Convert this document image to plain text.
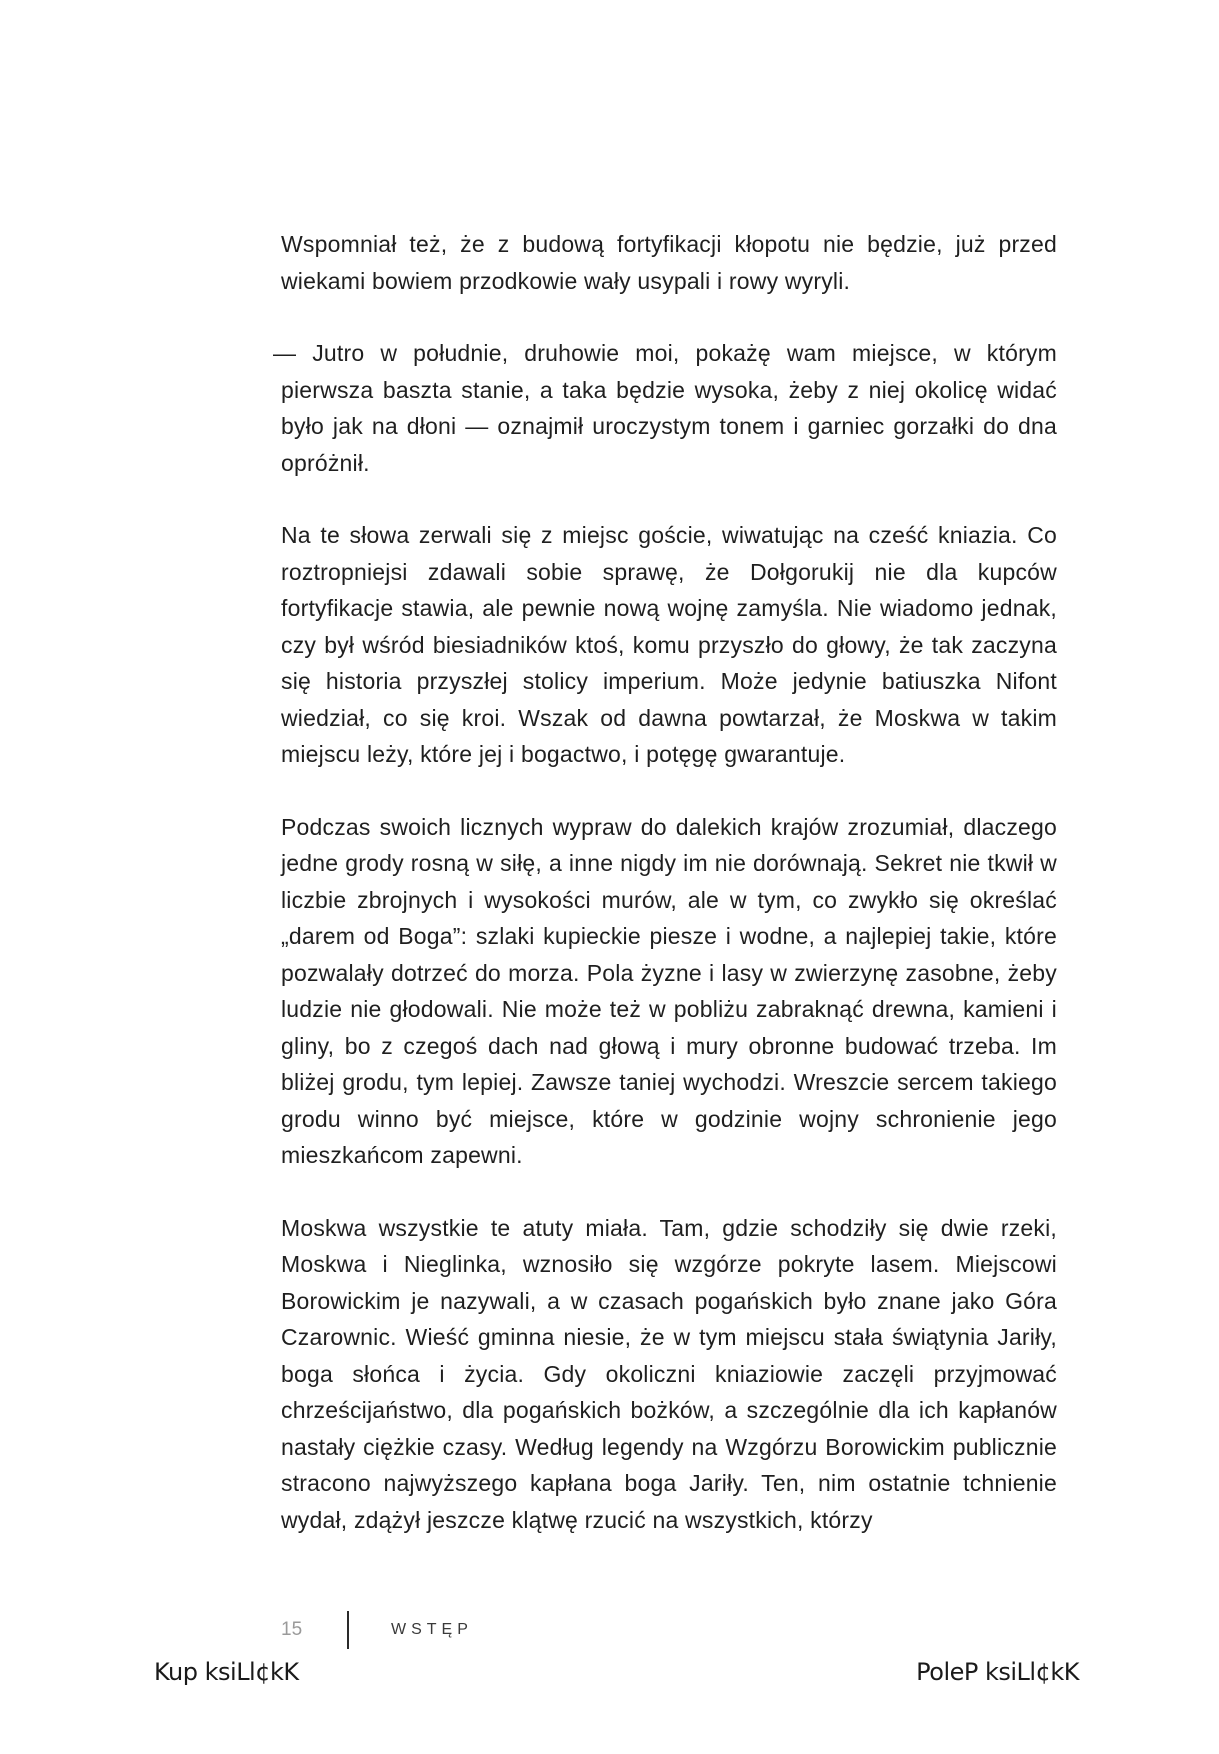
Wspomniał też, że z budową fortyfikacji kłopotu nie będzie, już przed wiekami bowiem przodkowie wały usypali i rowy wyryli.

— Jutro w południe, druhowie moi, pokażę wam miejsce, w którym pierwsza baszta stanie, a taka będzie wysoka, żeby z niej okolicę widać było jak na dłoni — oznajmił uroczystym tonem i garniec gorzałki do dna opróżnił.

Na te słowa zerwali się z miejsc goście, wiwatując na cześć kniazia. Co roztropniejsi zdawali sobie sprawę, że Dołgorukij nie dla kupców fortyfikacje stawia, ale pewnie nową wojnę zamyśla. Nie wiadomo jednak, czy był wśród biesiadników ktoś, komu przyszło do głowy, że tak zaczyna się historia przyszłej stolicy imperium. Może jedynie batiuszka Nifont wiedział, co się kroi. Wszak od dawna powtarzał, że Moskwa w takim miejscu leży, które jej i bogactwo, i potęgę gwarantuje.

Podczas swoich licznych wypraw do dalekich krajów zrozumiał, dlaczego jedne grody rosną w siłę, a inne nigdy im nie dorównają. Sekret nie tkwił w liczbie zbrojnych i wysokości murów, ale w tym, co zwykło się określać „darem od Boga”: szlaki kupieckie piesze i wodne, a najlepiej takie, które pozwalały dotrzeć do morza. Pola żyzne i lasy w zwierzynę zasobne, żeby ludzie nie głodowali. Nie może też w pobliżu zabraknąć drewna, kamieni i gliny, bo z czegoś dach nad głową i mury obronne budować trzeba. Im bliżej grodu, tym lepiej. Zawsze taniej wychodzi. Wreszcie sercem takiego grodu winno być miejsce, które w godzinie wojny schronienie jego mieszkańcom zapewni.

Moskwa wszystkie te atuty miała. Tam, gdzie schodziły się dwie rzeki, Moskwa i Nieglinka, wznosiło się wzgórze pokryte lasem. Miejscowi Borowickim je nazywali, a w czasach pogańskich było znane jako Góra Czarownic. Wieść gminna niesie, że w tym miejscu stała świątynia Jariły, boga słońca i życia. Gdy okoliczni kniaziowie zaczęli przyjmować chrześcijaństwo, dla pogańskich bożków, a szczególnie dla ich kapłanów nastały ciężkie czasy. Według legendy na Wzgórzu Borowickim publicznie stracono najwyższego kapłana boga Jariły. Ten, nim ostatnie tchnienie wydał, zdążył jeszcze klątwę rzucić na wszystkich, którzy

15	WSTĘP
Kup ksiLl¢kK	PoleP ksiLl¢kK
